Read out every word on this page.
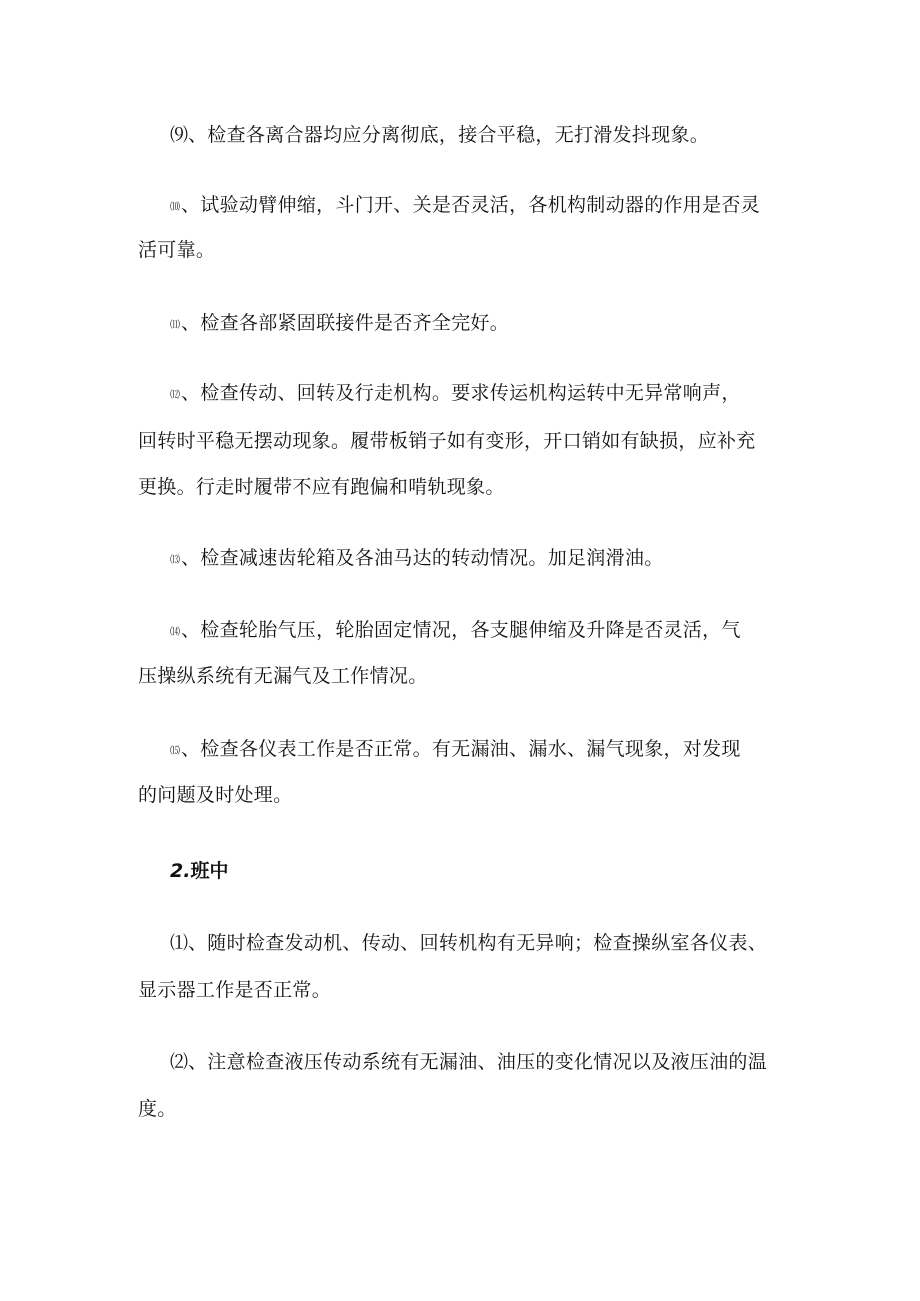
⑼、检查各离合器均应分离彻底，接合平稳，无打滑发抖现象。
⑽、试验动臂伸缩，斗门开、关是否灵活，各机构制动器的作用是否灵
活可靠。
⑾、检查各部紧固联接件是否齐全完好。
⑿、检查传动、回转及行走机构。要求传运机构运转中无异常响声，
回转时平稳无摆动现象。履带板销子如有变形，开口销如有缺损，应补充
更换。行走时履带不应有跑偏和啃轨现象。
⒀、检查减速齿轮箱及各油马达的转动情况。加足润滑油。
⒁、检查轮胎气压，轮胎固定情况，各支腿伸缩及升降是否灵活，气
压操纵系统有无漏气及工作情况。
⒂、检查各仪表工作是否正常。有无漏油、漏水、漏气现象，对发现
的问题及时处理。
2.班中
⑴、随时检查发动机、传动、回转机构有无异响；检查操纵室各仪表、
显示器工作是否正常。
⑵、注意检查液压传动系统有无漏油、油压的变化情况以及液压油的温
度。
